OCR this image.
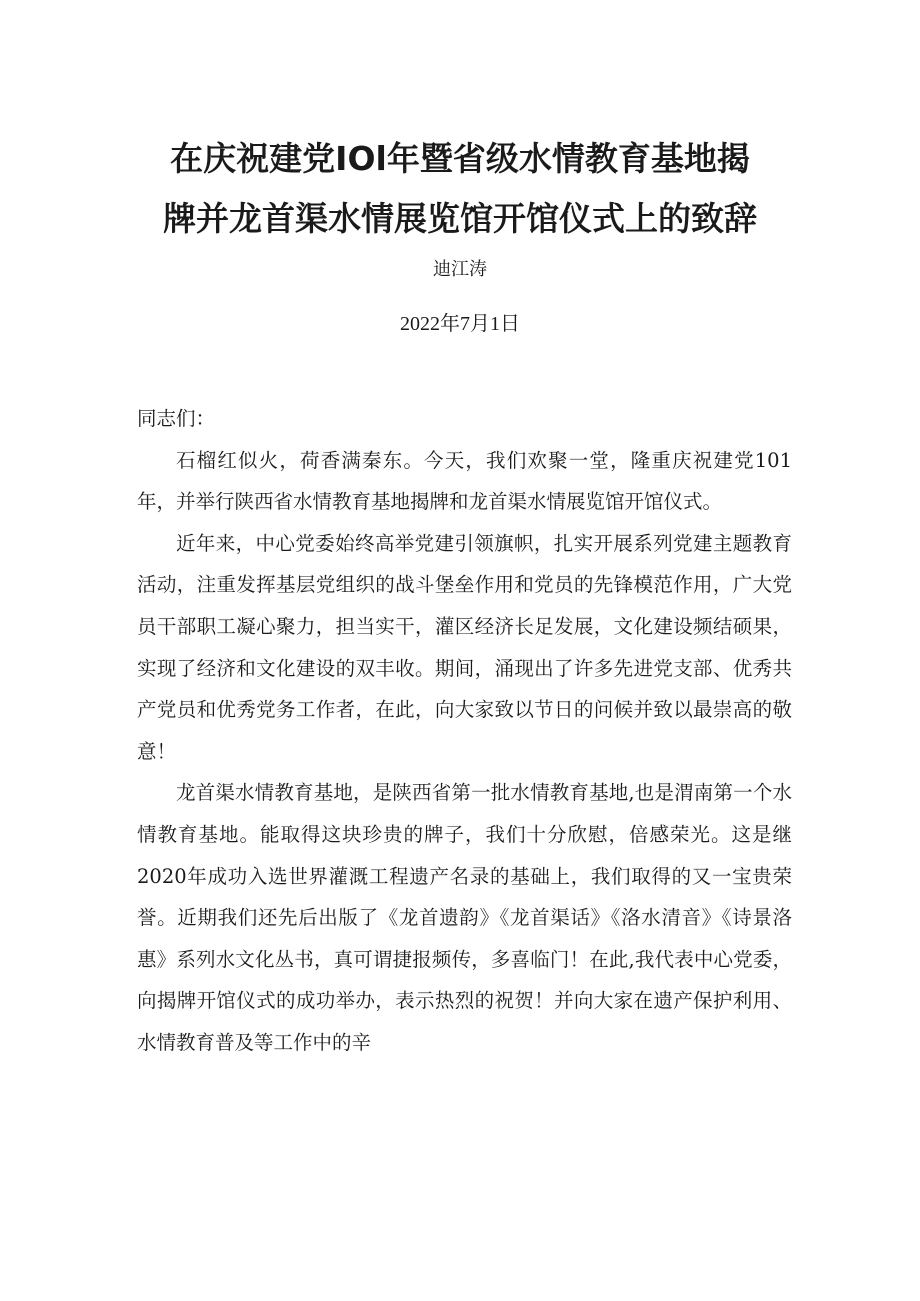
在庆祝建党IOl年暨省级水情教育基地揭
牌并龙首渠水情展览馆开馆仪式上的致辞
迪江涛
2022年7月1日

同志们：

石榴红似火，荷香满秦东。今天，我们欢聚一堂，隆重庆祝建党101年，并举行陕西省水情教育基地揭牌和龙首渠水情展览馆开馆仪式。

近年来，中心党委始终高举党建引领旗帜，扎实开展系列党建主题教育活动，注重发挥基层党组织的战斗堡垒作用和党员的先锋模范作用，广大党员干部职工凝心聚力，担当实干，灌区经济长足发展，文化建设频结硕果，实现了经济和文化建设的双丰收。期间，涌现出了许多先进党支部、优秀共产党员和优秀党务工作者，在此，向大家致以节日的问候并致以最崇高的敬意！

龙首渠水情教育基地，是陕西省第一批水情教育基地,也是渭南第一个水情教育基地。能取得这块珍贵的牌子，我们十分欣慰，倍感荣光。这是继2020年成功入选世界灌溉工程遗产名录的基础上，我们取得的又一宝贵荣誉。近期我们还先后出版了《龙首遗韵》《龙首渠话》《洛水清音》《诗景洛惠》系列水文化丛书，真可谓捷报频传，多喜临门！在此,我代表中心党委，向揭牌开馆仪式的成功举办，表示热烈的祝贺！并向大家在遗产保护利用、水情教育普及等工作中的辛
